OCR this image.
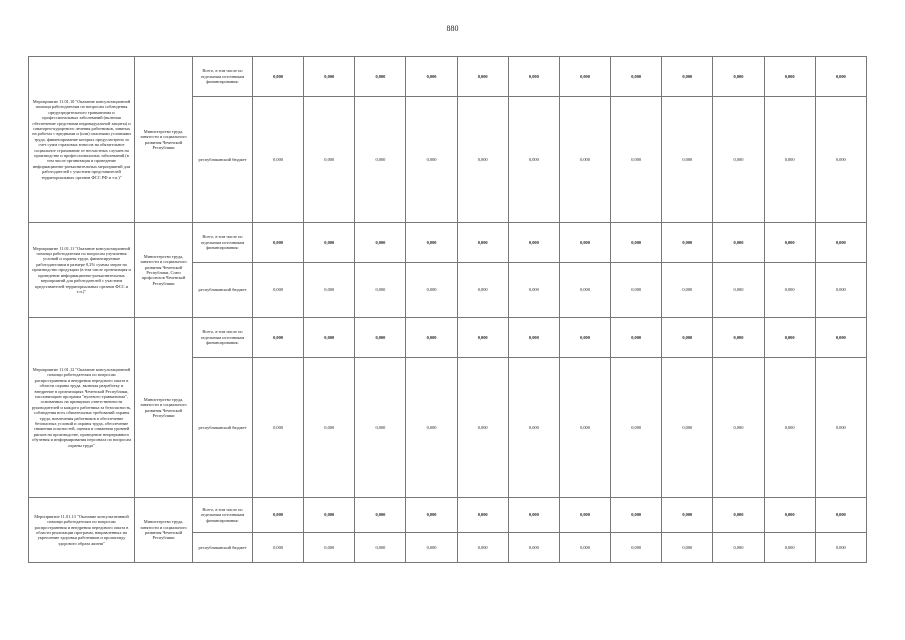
880
Мероприятие 11.01.10 "Оказание консультационной помощи работодателям по вопросам соблюдения предупредительного травматизма и профессиональных заболеваний (включая обеспечение средствами индивидуальной защиты) и санаторно-курортного лечения работников, занятых на работах с вредными и (или) опасными условиями труда, финансирование которых предусмотрено за счет сумм страховых взносов на обязательное социальное страхование от несчастных случаев на производстве и профессиональных заболеваний (в том числе организация и проведение информационно-разъяснительных мероприятий для работодателей с участием представителей территориальных органов ФСС РФ и т.п.)"	Министерство труда, занятости и социального развития Чеченской Республики	Всего, в том числе по отдельным источникам финансирования:	0,000	0,000	0,000	0,000	0,000	0,000	0,000	0,000	0,000	0,000	0,000	0,000
		республиканский бюджет	0,000	0,000	0,000	0,000	0,000	0,000	0,000	0,000	0,000	0,000	0,000	0,000
Мероприятие 11.01.11 "Оказание консультационной помощи работодателям по вопросам улучшения условий и охраны труда, финансируемые работодателями в размере 0,2% суммы затрат на производство продукции (в том числе организация и проведение информационно-разъяснительных мероприятий для работодателей с участием представителей территориальных органов ФСС и т.п.)"	Министерство труда, занятости и социального развития Чеченской Республики, Союз профсоюзов Чеченской Республики	Всего, в том числе по отдельным источникам финансирования:	0,000	0,000	0,000	0,000	0,000	0,000	0,000	0,000	0,000	0,000	0,000	0,000
		республиканский бюджет	0,000	0,000	0,000	0,000	0,000	0,000	0,000	0,000	0,000	0,000	0,000	0,000
Мероприятие 11.01.12 "Оказание консультационной помощи работодателям по вопросам распространения и внедрения передового опыта в области охраны труда, включая разработку и внедрение в организациях Чеченской Республики, пассивизацию программ "нулевого травматизма", основанных на принципах ответственности руководителей и каждого работника за безопасность, соблюдения всех обязательных требований охраны труда, вовлечения работников в обеспечение безопасных условий и охраны труда, обеспечение снижения опасностей, оценки и снижения уровней рисков на производстве, проведение непрерывного обучения и информирования персонала по вопросам охраны труда"	Министерство труда, занятости и социального развития Чеченской Республики	Всего, в том числе по отдельным источникам финансирования:	0,000	0,000	0,000	0,000	0,000	0,000	0,000	0,000	0,000	0,000	0,000	0,000
		республиканский бюджет	0,000	0,000	0,000	0,000	0,000	0,000	0,000	0,000	0,000	0,000	0,000	0,000
Мероприятие 11.01.13 "Оказание консультативной помощи работодателям по вопросам распространения и внедрения передового опыта в области реализации программ, направленных на укрепление здоровья работников и пропаганду здорового образа жизни"	Министерство труда, занятости и социального развития Чеченской Республики	Всего, в том числе по отдельным источникам финансирования:	0,000	0,000	0,000	0,000	0,000	0,000	0,000	0,000	0,000	0,000	0,000	0,000
		республиканский бюджет	0,000	0,000	0,000	0,000	0,000	0,000	0,000	0,000	0,000	0,000	0,000	0,000
